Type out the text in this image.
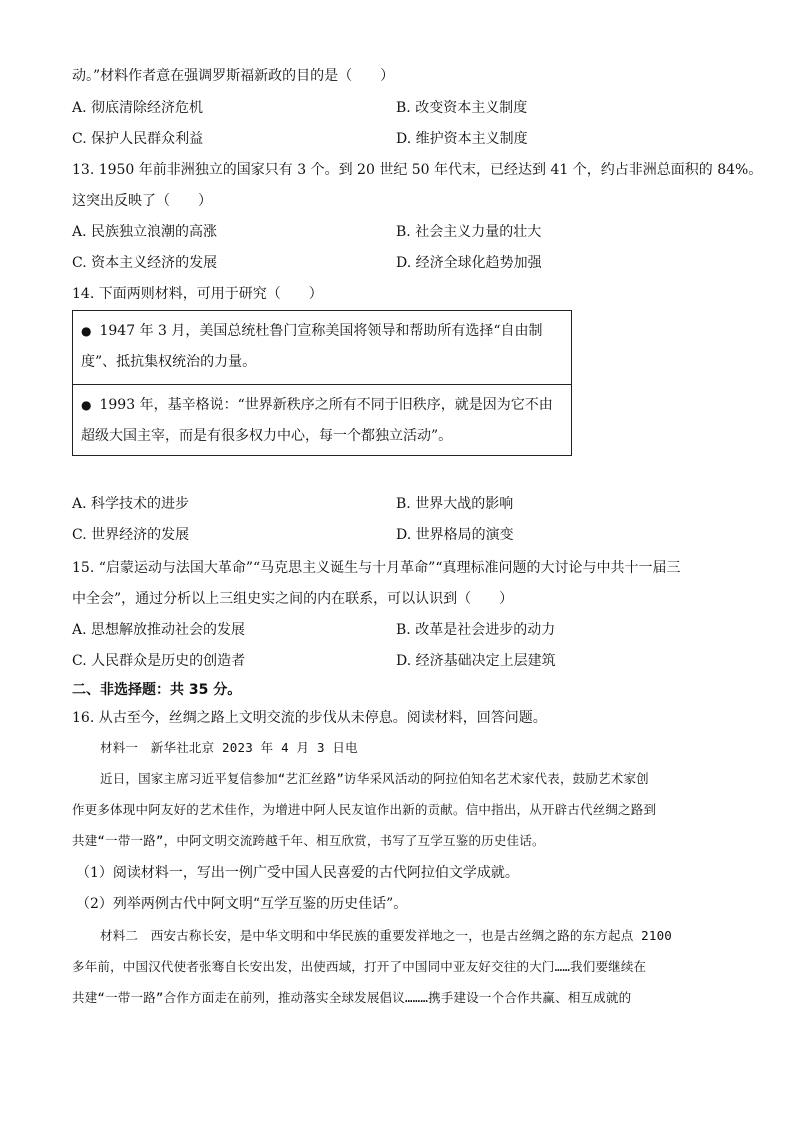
动。”材料作者意在强调罗斯福新政的目的是（　　）
A. 彻底清除经济危机	B. 改变资本主义制度
C. 保护人民群众利益	D. 维护资本主义制度
13. 1950 年前非洲独立的国家只有 3 个。到 20 世纪 50 年代末，已经达到 41 个，约占非洲总面积的 84%。
这突出反映了（　　）
A. 民族独立浪潮的高涨	B. 社会主义力量的壮大
C. 资本主义经济的发展	D. 经济全球化趋势加强
14. 下面两则材料，可用于研究（　　）
● 1947 年 3 月，美国总统杜鲁门宣称美国将领导和帮助所有选择“自由制
度”、抵抗集权统治的力量。
● 1993 年，基辛格说：“世界新秩序之所有不同于旧秩序，就是因为它不由
超级大国主宰，而是有很多权力中心，每一个都独立活动”。
A. 科学技术的进步	B. 世界大战的影响
C. 世界经济的发展	D. 世界格局的演变
15. “启蒙运动与法国大革命”“马克思主义诞生与十月革命”“真理标准问题的大讨论与中共十一届三
中全会”，通过分析以上三组史实之间的内在联系，可以认识到（　　）
A. 思想解放推动社会的发展	B. 改革是社会进步的动力
C. 人民群众是历史的创造者	D. 经济基础决定上层建筑
二、非选择题：共 35 分。
16. 从古至今，丝绸之路上文明交流的步伐从未停息。阅读材料，回答问题。
材料一　新华社北京 2023 年 4 月 3 日电
近日，国家主席习近平复信参加“艺汇丝路”访华采风活动的阿拉伯知名艺术家代表，鼓励艺术家创
作更多体现中阿友好的艺术佳作，为增进中阿人民友谊作出新的贡献。信中指出，从开辟古代丝绸之路到
共建“一带一路”，中阿文明交流跨越千年、相互欣赏，书写了互学互鉴的历史佳话。
（1）阅读材料一，写出一例广受中国人民喜爱的古代阿拉伯文学成就。
（2）列举两例古代中阿文明“互学互鉴的历史佳话”。
材料二　西安古称长安，是中华文明和中华民族的重要发祥地之一，也是古丝绸之路的东方起点 2100
多年前，中国汉代使者张骞自长安出发，出使西域，打开了中国同中亚友好交往的大门……我们要继续在
共建“一带一路”合作方面走在前列，推动落实全球发展倡议………携手建设一个合作共赢、相互成就的
